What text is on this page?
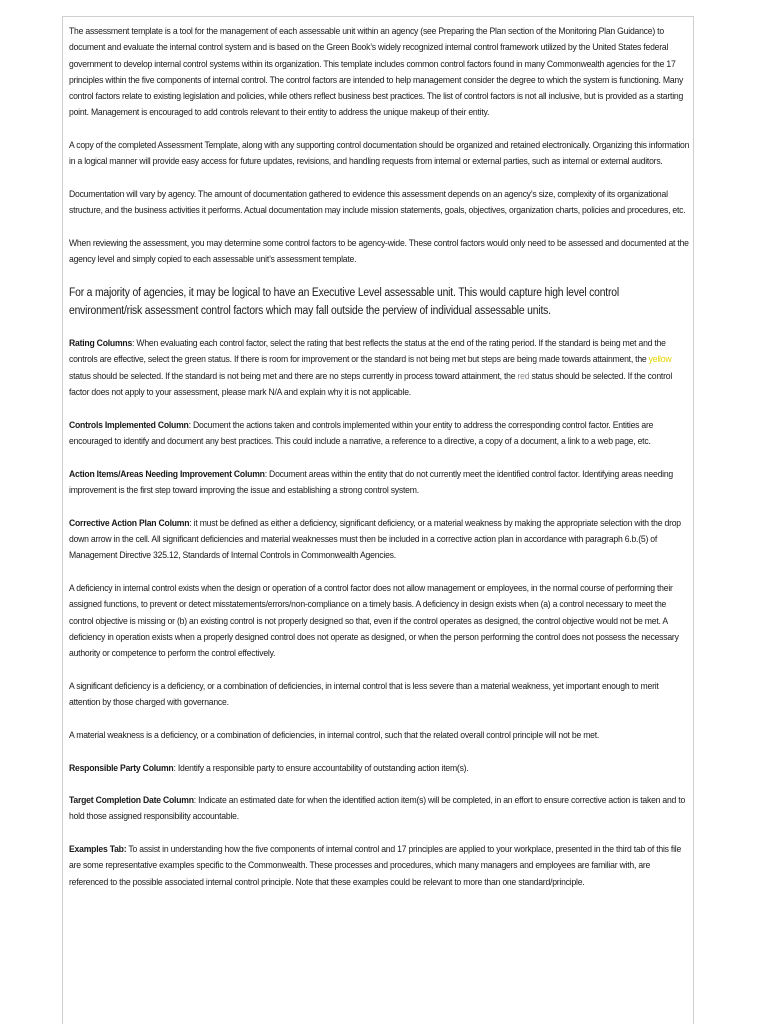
The assessment template is a tool for the management of each assessable unit within an agency (see Preparing the Plan section of the Monitoring Plan Guidance) to document and evaluate the internal control system and is based on the Green Book’s widely recognized internal control framework utilized by the United States federal government to develop internal control systems within its organization. This template includes common control factors found in many Commonwealth agencies for the 17 principles within the five components of internal control. The control factors are intended to help management consider the degree to which the system is functioning. Many control factors relate to existing legislation and policies, while others reflect business best practices. The list of control factors is not all inclusive, but is provided as a starting point. Management is encouraged to add controls relevant to their entity to address the unique makeup of their entity.

A copy of the completed Assessment Template, along with any supporting control documentation should be organized and retained electronically. Organizing this information in a logical manner will provide easy access for future updates, revisions, and handling requests from internal or external parties, such as internal or external auditors.

Documentation will vary by agency. The amount of documentation gathered to evidence this assessment depends on an agency’s size, complexity of its organizational structure, and the business activities it performs. Actual documentation may include mission statements, goals, objectives, organization charts, policies and procedures, etc.

When reviewing the assessment, you may determine some control factors to be agency-wide. These control factors would only need to be assessed and documented at the agency level and simply copied to each assessable unit’s assessment template.

For a majority of agencies, it may be logical to have an Executive Level assessable unit. This would capture high level control environment/risk assessment control factors which may fall outside the perview of individual assessable units.

Rating Columns: When evaluating each control factor, select the rating that best reflects the status at the end of the rating period. If the standard is being met and the controls are effective, select the green status. If there is room for improvement or the standard is not being met but steps are being made towards attainment, the yellow status should be selected. If the standard is not being met and there are no steps currently in process toward attainment, the red status should be selected. If the control factor does not apply to your assessment, please mark N/A and explain why it is not applicable.

Controls Implemented Column: Document the actions taken and controls implemented within your entity to address the corresponding control factor. Entities are encouraged to identify and document any best practices. This could include a narrative, a reference to a directive, a copy of a document, a link to a web page, etc.

Action Items/Areas Needing Improvement Column: Document areas within the entity that do not currently meet the identified control factor. Identifying areas needing improvement is the first step toward improving the issue and establishing a strong control system.

Corrective Action Plan Column: it must be defined as either a deficiency, significant deficiency, or a material weakness by making the appropriate selection with the drop down arrow in the cell. All significant deficiencies and material weaknesses must then be included in a corrective action plan in accordance with paragraph 6.b.(5) of Management Directive 325.12, Standards of Internal Controls in Commonwealth Agencies.

A deficiency in internal control exists when the design or operation of a control factor does not allow management or employees, in the normal course of performing their assigned functions, to prevent or detect misstatements/errors/non-compliance on a timely basis. A deficiency in design exists when (a) a control necessary to meet the control objective is missing or (b) an existing control is not properly designed so that, even if the control operates as designed, the control objective would not be met. A deficiency in operation exists when a properly designed control does not operate as designed, or when the person performing the control does not possess the necessary authority or competence to perform the control effectively.

A significant deficiency is a deficiency, or a combination of deficiencies, in internal control that is less severe than a material weakness, yet important enough to merit attention by those charged with governance.

A material weakness is a deficiency, or a combination of deficiencies, in internal control, such that the related overall control principle will not be met.

Responsible Party Column: Identify a responsible party to ensure accountability of outstanding action item(s).

Target Completion Date Column: Indicate an estimated date for when the identified action item(s) will be completed, in an effort to ensure corrective action is taken and to hold those assigned responsibility accountable.

Examples Tab: To assist in understanding how the five components of internal control and 17 principles are applied to your workplace, presented in the third tab of this file are some representative examples specific to the Commonwealth. These processes and procedures, which many managers and employees are familiar with, are referenced to the possible associated internal control principle. Note that these examples could be relevant to more than one standard/principle.
